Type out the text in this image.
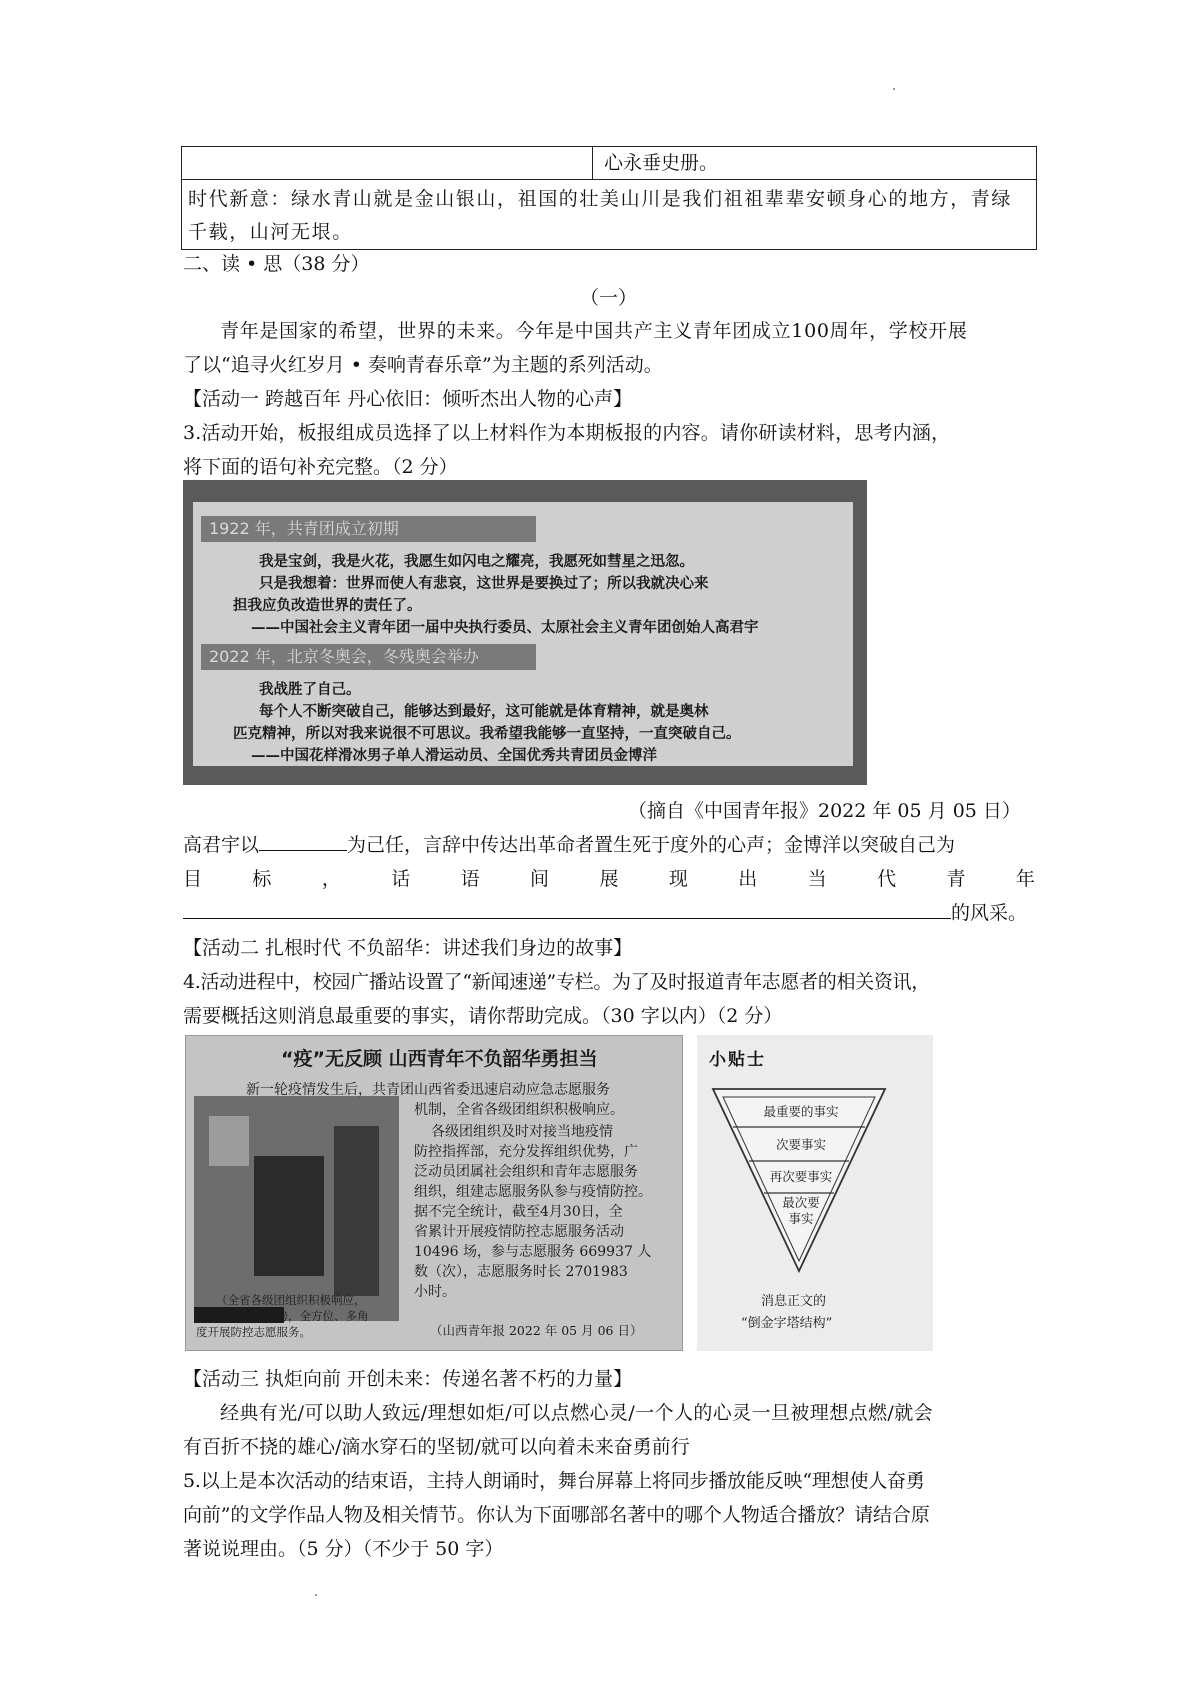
心永垂史册。
时代新意：绿水青山就是金山银山，祖国的壮美山川是我们祖祖辈辈安顿身心的地方，青绿千载，山河无垠。
二、读 • 思（38 分）
（一）
青年是国家的希望，世界的未来。今年是中国共产主义青年团成立100周年，学校开展
了以“追寻火红岁月 • 奏响青春乐章”为主题的系列活动。
【活动一 跨越百年 丹心依旧：倾听杰出人物的心声】
3.活动开始，板报组成员选择了以上材料作为本期板报的内容。请你研读材料，思考内涵，
将下面的语句补充完整。（2 分）
1922 年，共青团成立初期
我是宝剑，我是火花，我愿生如闪电之耀亮，我愿死如彗星之迅忽。
只是我想着：世界而使人有悲哀，这世界是要换过了；所以我就决心来
担我应负改造世界的责任了。
——中国社会主义青年团一届中央执行委员、太原社会主义青年团创始人高君宇
2022 年，北京冬奥会，冬残奥会举办
我战胜了自己。
每个人不断突破自己，能够达到最好，这可能就是体育精神，就是奥林
匹克精神，所以对我来说很不可思议。我希望我能够一直坚持，一直突破自己。
——中国花样滑冰男子单人滑运动员、全国优秀共青团员金博洋
（摘自《中国青年报》2022 年 05 月 05 日）
高君宇以	为己任，言辞中传达出革命者置生死于度外的心声；金博洋以突破自己为
目	标	，	话	语	间	展	现	出	当	代	青	年
的风采。
【活动二 扎根时代 不负韶华：讲述我们身边的故事】
4.活动进程中，校园广播站设置了“新闻速递”专栏。为了及时报道青年志愿者的相关资讯，
需要概括这则消息最重要的事实，请你帮助完成。（30 字以内）（2 分）
“疫”无反顾 山西青年不负韶华勇担当
新一轮疫情发生后，共青团山西省委迅速启动应急志愿服务
机制，全省各级团组织积极响应。
各级团组织及时对接当地疫情
防控指挥部，充分发挥组织优势，广
泛动员团属社会组织和青年志愿服务
组织，组建志愿服务队参与疫情防控。
据不完全统计，截至4月30日，全
省累计开展疫情防控志愿服务活动
10496 场，参与志愿服务 669937 人
数（次），志愿服务时长 2701983
小时。
（山西青年报 2022 年 05 月 06 日）
（全省各级团组织积极响应，
充分发挥组织优势，全方位、多角
度开展防控志愿服务。
小贴士
最重要的事实
次要事实
再次要事实
最次要
事实
消息正文的
“倒金字塔结构”
【活动三 执炬向前 开创未来：传递名著不朽的力量】
经典有光/可以助人致远/理想如炬/可以点燃心灵/一个人的心灵一旦被理想点燃/就会
有百折不挠的雄心/滴水穿石的坚韧/就可以向着未来奋勇前行
5.以上是本次活动的结束语，主持人朗诵时，舞台屏幕上将同步播放能反映“理想使人奋勇
向前”的文学作品人物及相关情节。你认为下面哪部名著中的哪个人物适合播放？请结合原
著说说理由。（5 分）（不少于 50 字）
